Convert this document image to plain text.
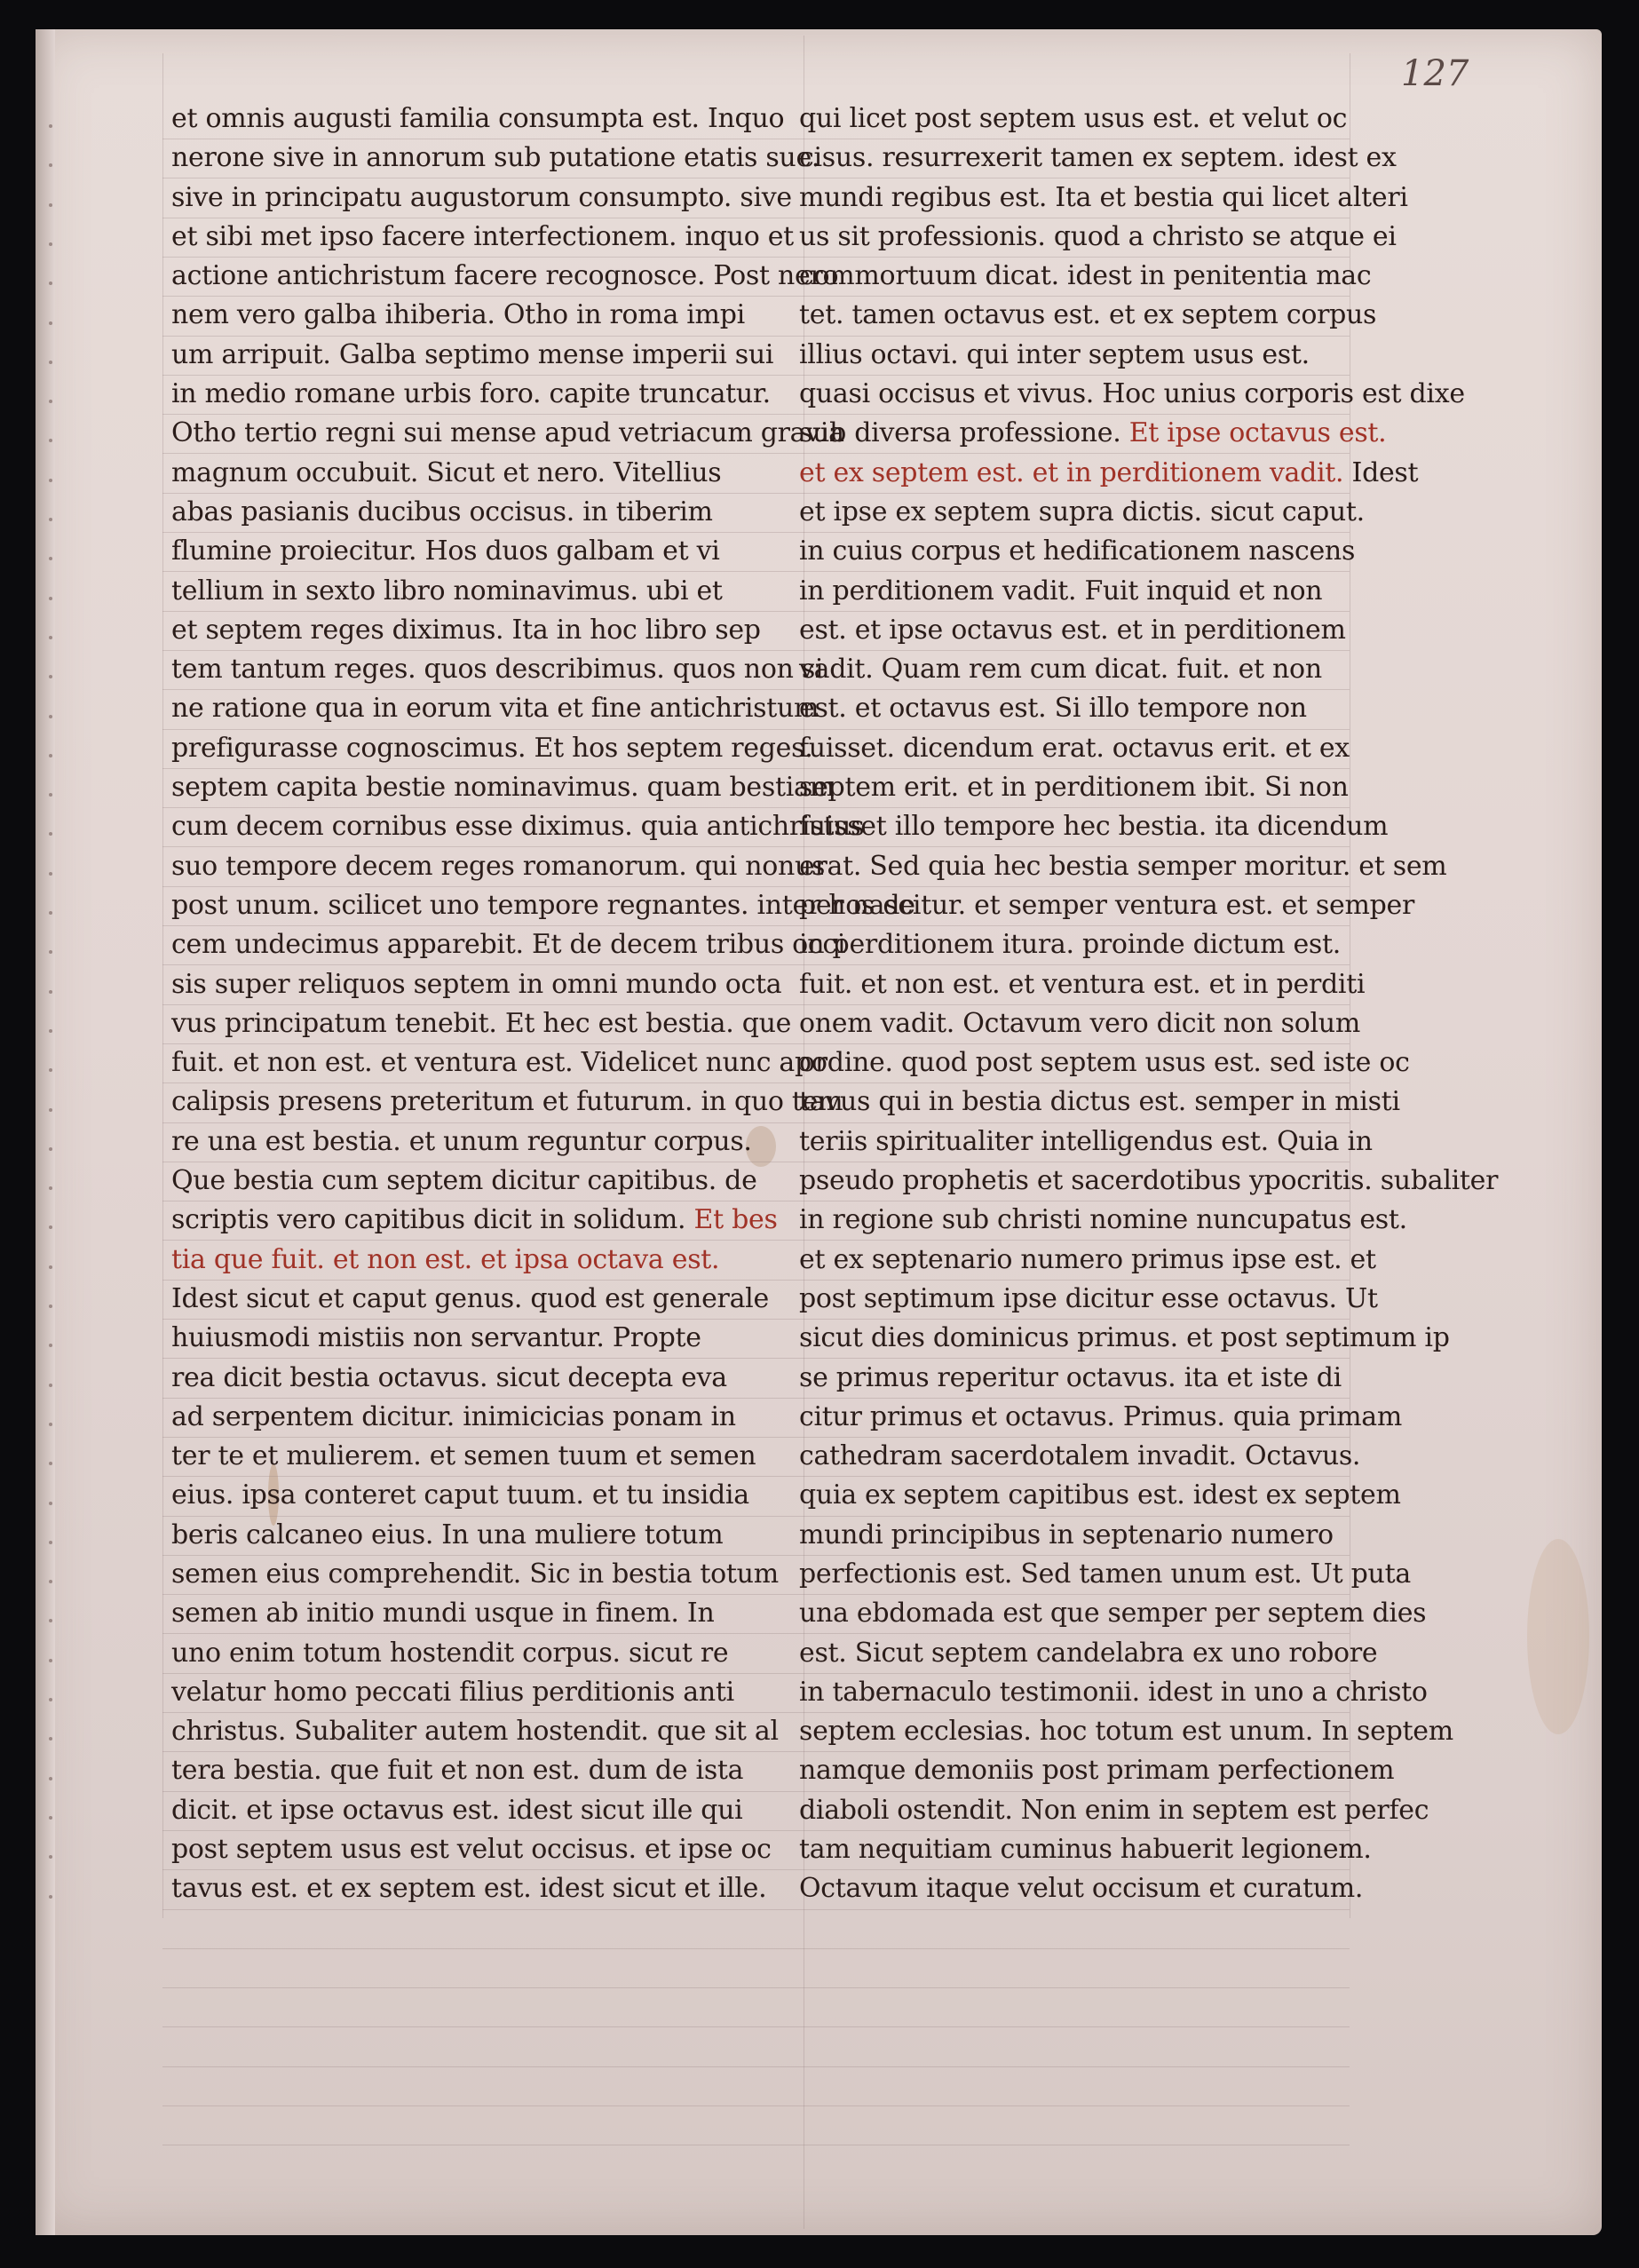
127
et omnis augusti familia consumpta est. Inquo
nerone sive in annorum sub putatione etatis sue.
sive in principatu augustorum consumpto. sive
et sibi met ipso facere interfectionem. inquo et
actione antichristum facere recognosce. Post nero
nem vero galba ihiberia. Otho in roma impi
um arripuit. Galba septimo mense imperii sui
in medio romane urbis foro. capite truncatur.
Otho tertio regni sui mense apud vetriacum gravia
magnum occubuit. Sicut et nero. Vitellius
abas pasianis ducibus occisus. in tiberim
flumine proiecitur. Hos duos galbam et vi
tellium in sexto libro nominavimus. ubi et
et septem reges diximus. Ita in hoc libro sep
tem tantum reges. quos describimus. quos non si
ne ratione qua in eorum vita et fine antichristum
prefigurasse cognoscimus. Et hos septem reges.
septem capita bestie nominavimus. quam bestiam
cum decem cornibus esse diximus. quia antichristus
suo tempore decem reges romanorum. qui nonus
post unum. scilicet uno tempore regnantes. inter hos de
cem undecimus apparebit. Et de decem tribus occi
sis super reliquos septem in omni mundo octa
vus principatum tenebit. Et hec est bestia. que
fuit. et non est. et ventura est. Videlicet nunc apo
calipsis presens preteritum et futurum. in quo tem
re una est bestia. et unum reguntur corpus.
Que bestia cum septem dicitur capitibus. de
scriptis vero capitibus dicit in solidum. Et bes
tia que fuit. et non est. et ipsa octava est.
Idest sicut et caput genus. quod est generale
huiusmodi mistiis non servantur. Propte
rea dicit bestia octavus. sicut decepta eva
ad serpentem dicitur. inimicicias ponam in
ter te et mulierem. et semen tuum et semen
eius. ipsa conteret caput tuum. et tu insidia
beris calcaneo eius. In una muliere totum
semen eius comprehendit. Sic in bestia totum
semen ab initio mundi usque in finem. In
uno enim totum hostendit corpus. sicut re
velatur homo peccati filius perditionis anti
christus. Subaliter autem hostendit. que sit al
tera bestia. que fuit et non est. dum de ista
dicit. et ipse octavus est. idest sicut ille qui
post septem usus est velut occisus. et ipse oc
tavus est. et ex septem est. idest sicut et ille.
qui licet post septem usus est. et velut oc
cisus. resurrexerit tamen ex septem. idest ex
mundi regibus est. Ita et bestia qui licet alteri
us sit professionis. quod a christo se atque ei
commortuum dicat. idest in penitentia mac
tet. tamen octavus est. et ex septem corpus
illius octavi. qui inter septem usus est.
quasi occisus et vivus. Hoc unius corporis est dixe
sub diversa professione. Et ipse octavus est.
et ex septem est. et in perditionem vadit. Idest
et ipse ex septem supra dictis. sicut caput.
in cuius corpus et hedificationem nascens
in perditionem vadit. Fuit inquid et non
est. et ipse octavus est. et in perditionem
vadit. Quam rem cum dicat. fuit. et non
est. et octavus est. Si illo tempore non
fuisset. dicendum erat. octavus erit. et ex
septem erit. et in perditionem ibit. Si non
fuisset illo tempore hec bestia. ita dicendum
erat. Sed quia hec bestia semper moritur. et sem
per nascitur. et semper ventura est. et semper
in perditionem itura. proinde dictum est.
fuit. et non est. et ventura est. et in perditi
onem vadit. Octavum vero dicit non solum
ordine. quod post septem usus est. sed iste oc
tavus qui in bestia dictus est. semper in misti
teriis spiritualiter intelligendus est. Quia in
pseudo prophetis et sacerdotibus ypocritis. subaliter
in regione sub christi nomine nuncupatus est.
et ex septenario numero primus ipse est. et
post septimum ipse dicitur esse octavus. Ut
sicut dies dominicus primus. et post septimum ip
se primus reperitur octavus. ita et iste di
citur primus et octavus. Primus. quia primam
cathedram sacerdotalem invadit. Octavus.
quia ex septem capitibus est. idest ex septem
mundi principibus in septenario numero
perfectionis est. Sed tamen unum est. Ut puta
una ebdomada est que semper per septem dies
est. Sicut septem candelabra ex uno robore
in tabernaculo testimonii. idest in uno a christo
septem ecclesias. hoc totum est unum. In septem
namque demoniis post primam perfectionem
diaboli ostendit. Non enim in septem est perfec
tam nequitiam cuminus habuerit legionem.
Octavum itaque velut occisum et curatum.
